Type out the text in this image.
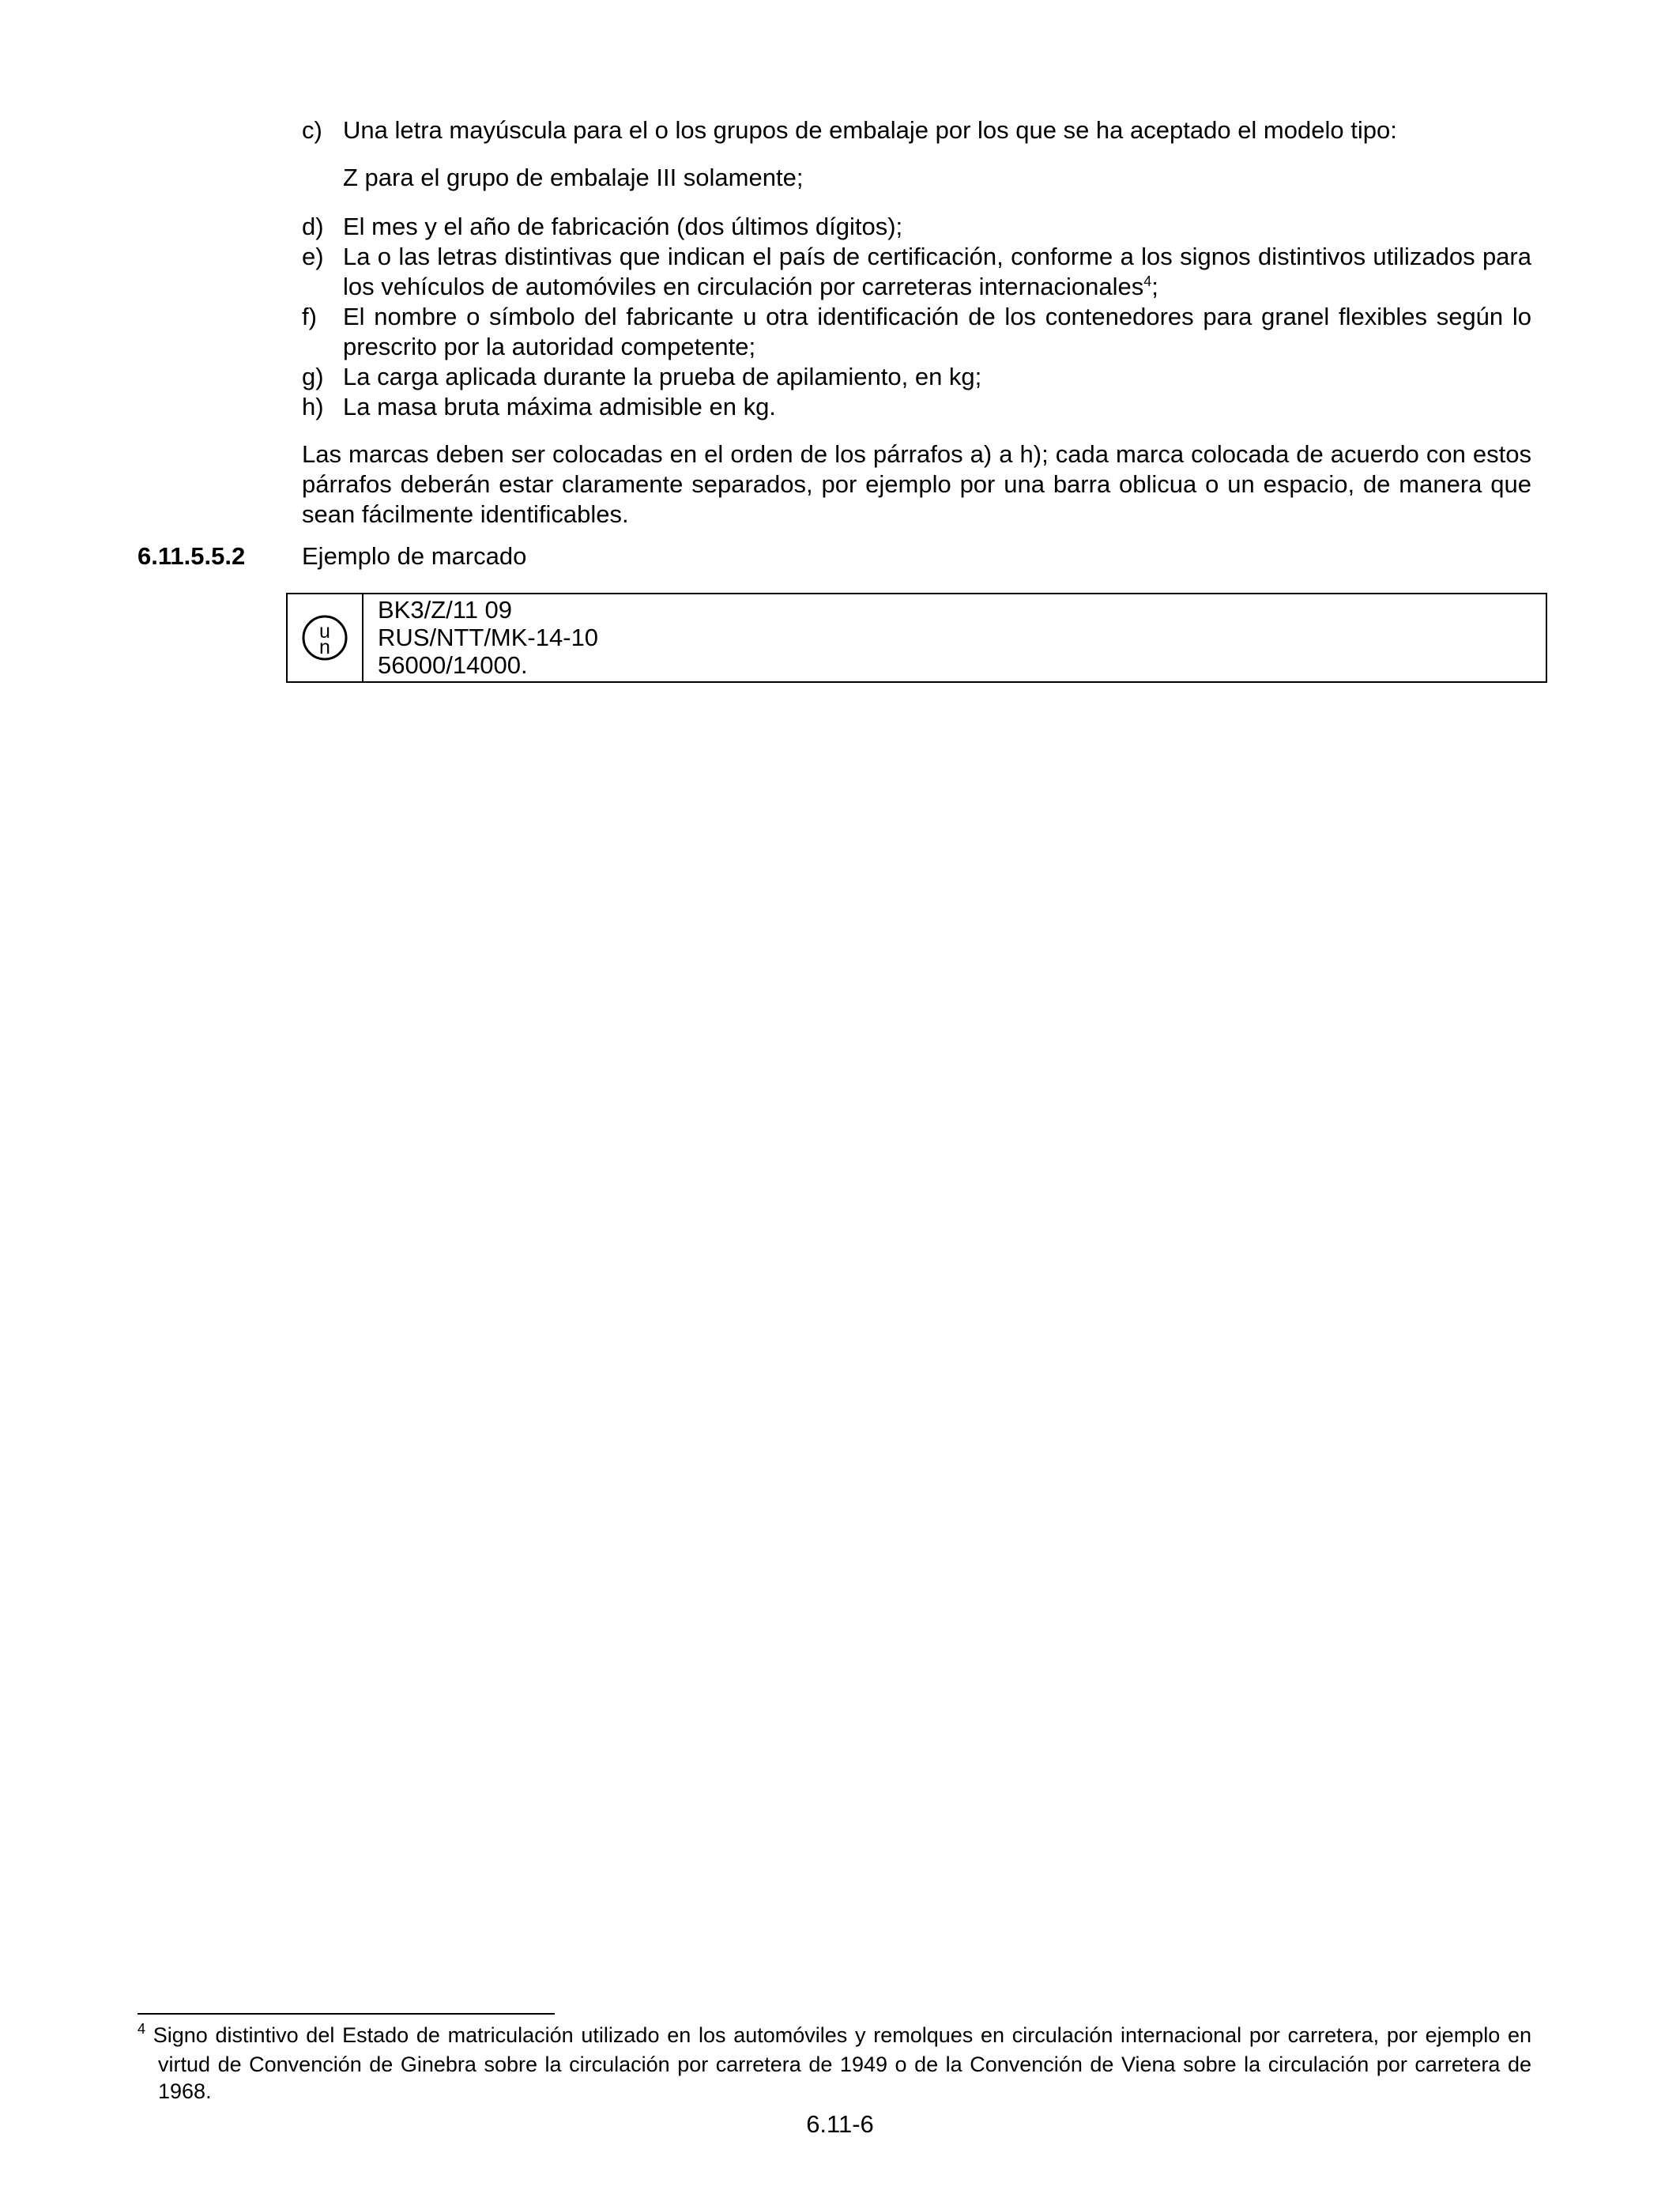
c) Una letra mayúscula para el o los grupos de embalaje por los que se ha aceptado el modelo tipo:
Z para el grupo de embalaje III solamente;
d) El mes y el año de fabricación (dos últimos dígitos);
e) La o las letras distintivas que indican el país de certificación, conforme a los signos distintivos utilizados para los vehículos de automóviles en circulación por carreteras internacionales$^4$;
f) El nombre o símbolo del fabricante u otra identificación de los contenedores para granel flexibles según lo prescrito por la autoridad competente;
g) La carga aplicada durante la prueba de apilamiento, en kg;
h) La masa bruta máxima admisible en kg.
Las marcas deben ser colocadas en el orden de los párrafos a) a h); cada marca colocada de acuerdo con estos párrafos deberán estar claramente separados, por ejemplo por una barra oblicua o un espacio, de manera que sean fácilmente identificables.
6.11.5.5.2 Ejemplo de marcado
u
n
BK3/Z/11 09
RUS/NTT/MK-14-10
56000/14000.
$^4$ Signo distintivo del Estado de matriculación utilizado en los automóviles y remolques en circulación internacional por carretera, por ejemplo en virtud de Convención de Ginebra sobre la circulación por carretera de 1949 o de la Convención de Viena sobre la circulación por carretera de 1968.
6.11-6
